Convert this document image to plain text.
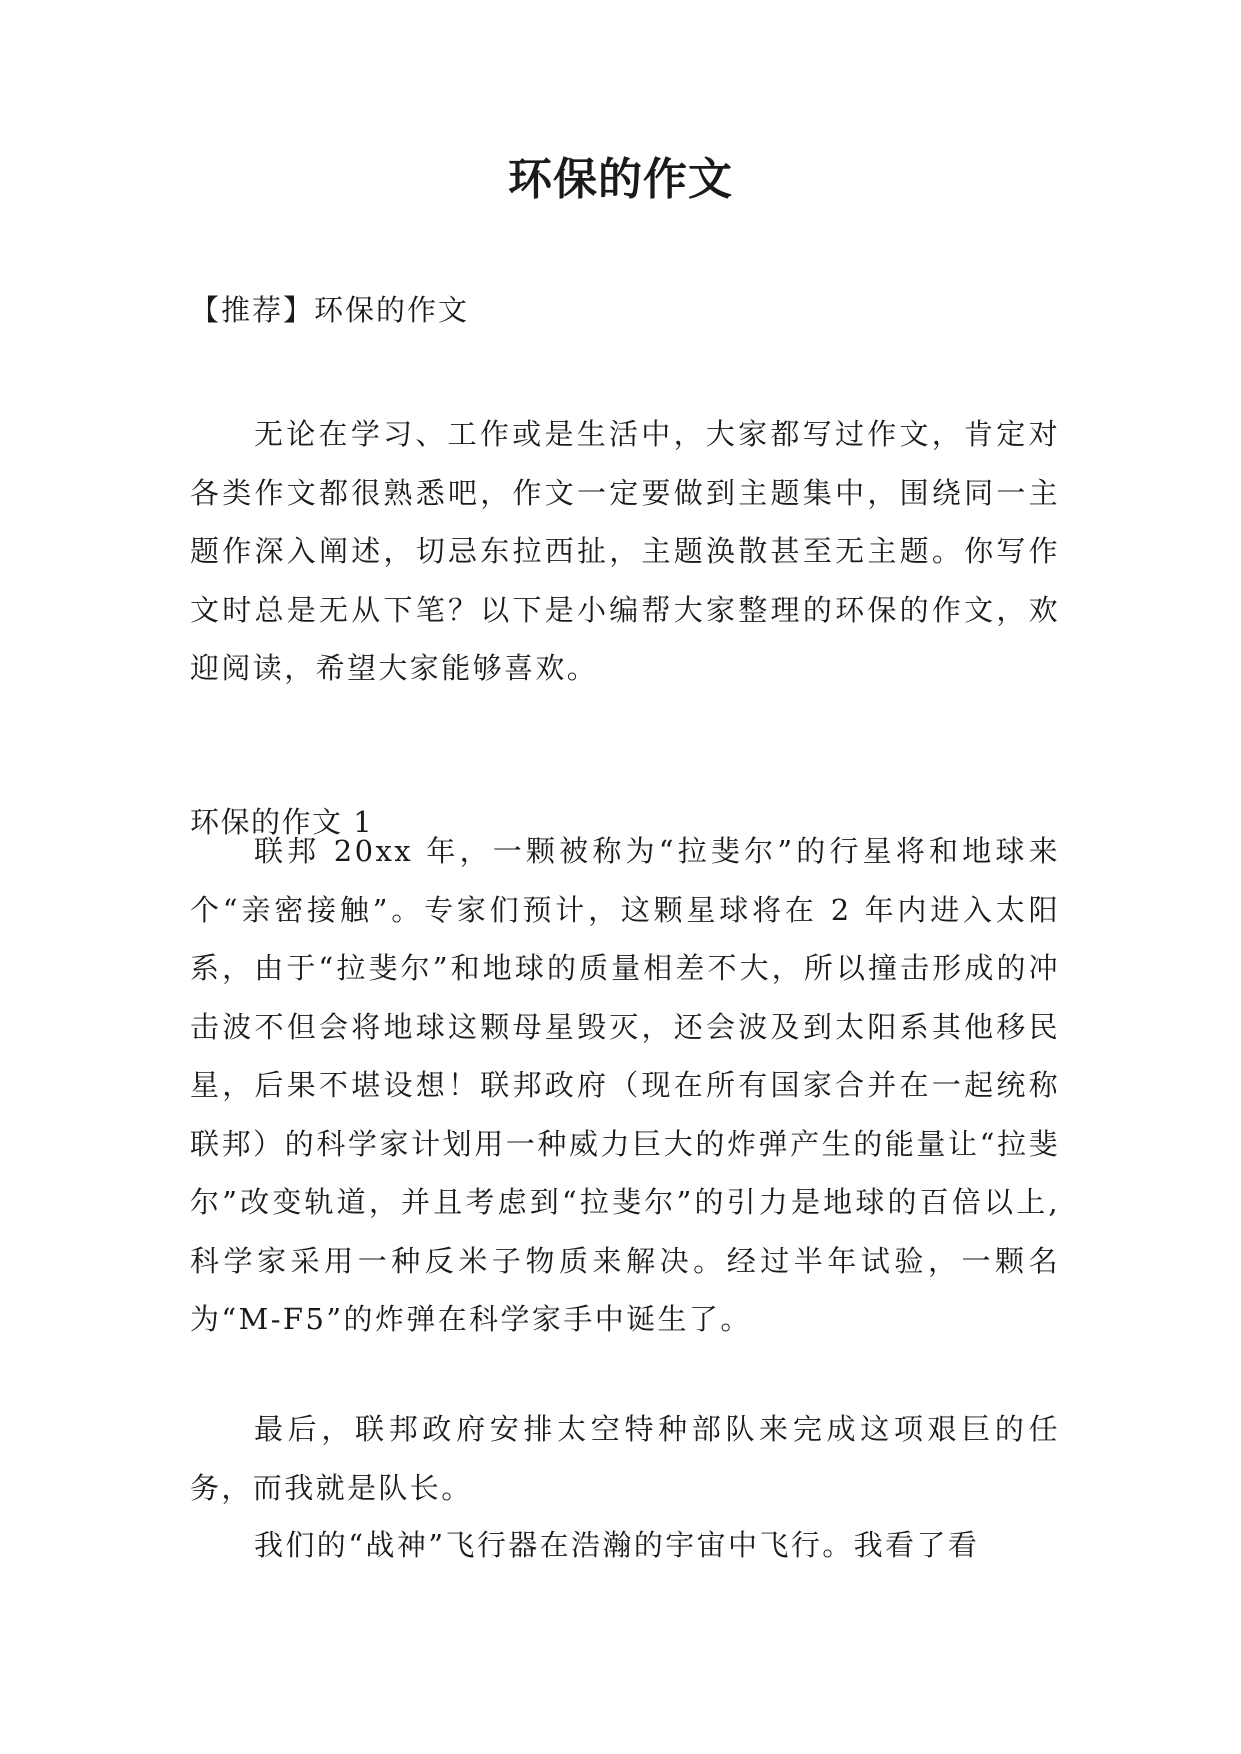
环保的作文

【推荐】环保的作文

无论在学习、工作或是生活中，大家都写过作文，肯定对各类作文都很熟悉吧，作文一定要做到主题集中，围绕同一主题作深入阐述，切忌东拉西扯，主题涣散甚至无主题。你写作文时总是无从下笔？以下是小编帮大家整理的环保的作文，欢迎阅读，希望大家能够喜欢。

环保的作文 1

联邦 20xx 年，一颗被称为“拉斐尔”的行星将和地球来个“亲密接触”。专家们预计，这颗星球将在 2 年内进入太阳系，由于“拉斐尔”和地球的质量相差不大，所以撞击形成的冲击波不但会将地球这颗母星毁灭，还会波及到太阳系其他移民星，后果不堪设想！联邦政府（现在所有国家合并在一起统称联邦）的科学家计划用一种威力巨大的炸弹产生的能量让“拉斐尔”改变轨道，并且考虑到“拉斐尔”的引力是地球的百倍以上,科学家采用一种反米子物质来解决。经过半年试验，一颗名为“M-F5”的炸弹在科学家手中诞生了。

最后，联邦政府安排太空特种部队来完成这项艰巨的任务，而我就是队长。

我们的“战神”飞行器在浩瀚的宇宙中飞行。我看了看
